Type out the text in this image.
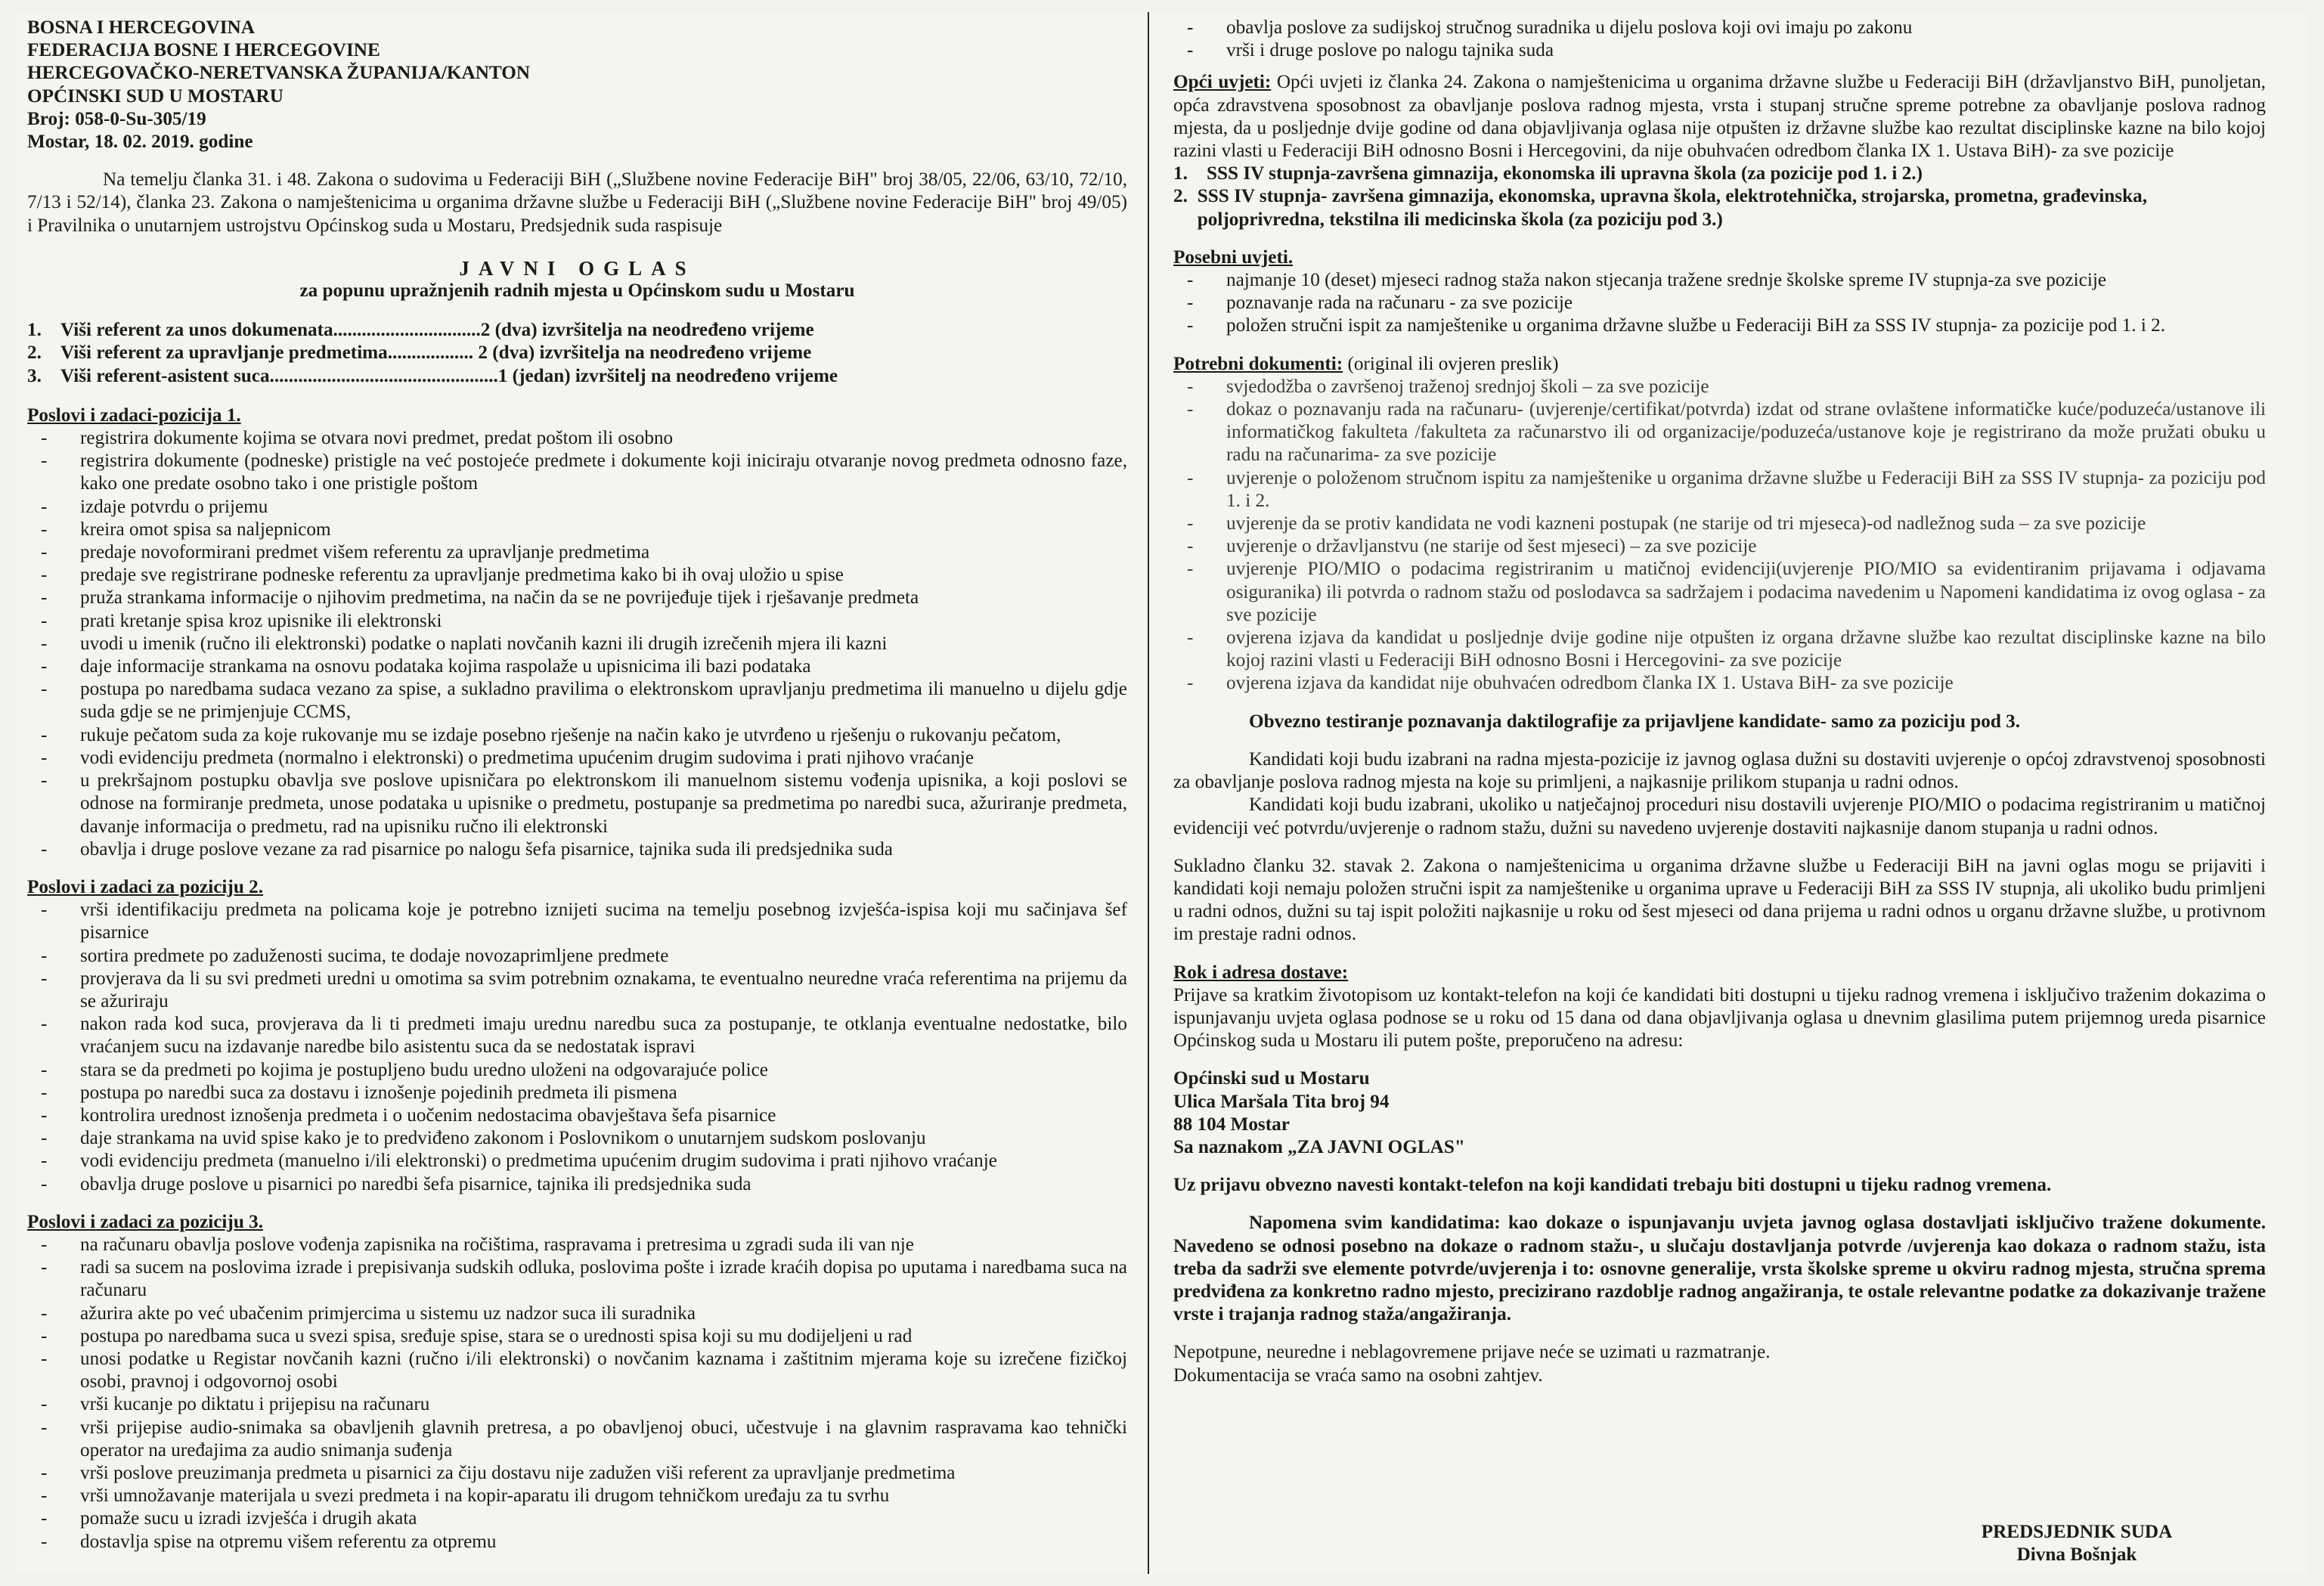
BOSNA I HERCEGOVINA

FEDERACIJA BOSNE I HERCEGOVINE

HERCEGOVAČKO-NERETVANSKA ŽUPANIJA/KANTON

OPĆINSKI SUD U MOSTARU

Broj: 058-0-Su-305/19

Mostar, 18. 02. 2019. godine

Na temelju članka 31. i 48. Zakona o sudovima u Federaciji BiH („Službene novine Federacije BiH" broj 38/05, 22/06, 63/10, 72/10, 7/13 i 52/14), članka 23. Zakona o namještenicima u organima državne službe u Federaciji BiH („Službene novine Federacije BiH" broj 49/05) i Pravilnika o unutarnjem ustrojstvu Općinskog suda u Mostaru, Predsjednik suda raspisuje

JAVNI OGLAS

za popunu upražnjenih radnih mjesta u Općinskom sudu u Mostaru

1. Viši referent za unos dokumenata...............................2 (dva) izvršitelja na neodređeno vrijeme
2. Viši referent za upravljanje predmetima.................. 2 (dva) izvršitelja na neodređeno vrijeme
3. Viši referent-asistent suca................................................1 (jedan) izvršitelj na neodređeno vrijeme

Poslovi i zadaci-pozicija 1.

- registrira dokumente kojima se otvara novi predmet, predat poštom ili osobno
- registrira dokumente (podneske) pristigle na već postojeće predmete i dokumente koji iniciraju otvaranje novog predmeta odnosno faze, kako one predate osobno tako i one pristigle poštom
- izdaje potvrdu o prijemu
- kreira omot spisa sa naljepnicom
- predaje novoformirani predmet višem referentu za upravljanje predmetima
- predaje sve registrirane podneske referentu za upravljanje predmetima kako bi ih ovaj uložio u spise
- pruža strankama informacije o njihovim predmetima, na način da se ne povrijeđuje tijek i rješavanje predmeta
- prati kretanje spisa kroz upisnike ili elektronski
- uvodi u imenik (ručno ili elektronski) podatke o naplati novčanih kazni ili drugih izrečenih mjera ili kazni
- daje informacije strankama na osnovu podataka kojima raspolaže u upisnicima ili bazi podataka
- postupa po naredbama sudaca vezano za spise, a sukladno pravilima o elektronskom upravljanju predmetima ili manuelno u dijelu gdje suda gdje se ne primjenjuje CCMS,
- rukuje pečatom suda za koje rukovanje mu se izdaje posebno rješenje na način kako je utvrđeno u rješenju o rukovanju pečatom,
- vodi evidenciju predmeta (normalno i elektronski) o predmetima upućenim drugim sudovima i prati njihovo vraćanje
- u prekršajnom postupku obavlja sve poslove upisničara po elektronskom ili manuelnom sistemu vođenja upisnika, a koji poslovi se odnose na formiranje predmeta, unose podataka u upisnike o predmetu, postupanje sa predmetima po naredbi suca, ažuriranje predmeta, davanje informacija o predmetu, rad na upisniku ručno ili elektronski
- obavlja i druge poslove vezane za rad pisarnice po nalogu šefa pisarnice, tajnika suda ili predsjednika suda

Poslovi i zadaci za poziciju 2.

- vrši identifikaciju predmeta na policama koje je potrebno iznijeti sucima na temelju posebnog izvješća-ispisa koji mu sačinjava šef pisarnice
- sortira predmete po zaduženosti sucima, te dodaje novozaprimljene predmete
- provjerava da li su svi predmeti uredni u omotima sa svim potrebnim oznakama, te eventualno neuredne vraća referentima na prijemu da se ažuriraju
- nakon rada kod suca, provjerava da li ti predmeti imaju urednu naredbu suca za postupanje, te otklanja eventualne nedostatke, bilo vraćanjem sucu na izdavanje naredbe bilo asistentu suca da se nedostatak ispravi
- stara se da predmeti po kojima je postupljeno budu uredno uloženi na odgovarajuće police
- postupa po naredbi suca za dostavu i iznošenje pojedinih predmeta ili pismena
- kontrolira urednost iznošenja predmeta i o uočenim nedostacima obavještava šefa pisarnice
- daje strankama na uvid spise kako je to predviđeno zakonom i Poslovnikom o unutarnjem sudskom poslovanju
- vodi evidenciju predmeta (manuelno i/ili elektronski) o predmetima upućenim drugim sudovima i prati njihovo vraćanje
- obavlja druge poslove u pisarnici po naredbi šefa pisarnice, tajnika ili predsjednika suda

Poslovi i zadaci za poziciju 3.

- na računaru obavlja poslove vođenja zapisnika na ročištima, raspravama i pretresima u zgradi suda ili van nje
- radi sa sucem na poslovima izrade i prepisivanja sudskih odluka, poslovima pošte i izrade kraćih dopisa po uputama i naredbama suca na računaru
- ažurira akte po već ubačenim primjercima u sistemu uz nadzor suca ili suradnika
- postupa po naredbama suca u svezi spisa, sređuje spise, stara se o urednosti spisa koji su mu dodijeljeni u rad
- unosi podatke u Registar novčanih kazni (ručno i/ili elektronski) o novčanim kaznama i zaštitnim mjerama koje su izrečene fizičkoj osobi, pravnoj i odgovornoj osobi
- vrši kucanje po diktatu i prijepisu na računaru
- vrši prijepise audio-snimaka sa obavljenih glavnih pretresa, a po obavljenoj obuci, učestvuje i na glavnim raspravama kao tehnički operator na uređajima za audio snimanja suđenja
- vrši poslove preuzimanja predmeta u pisarnici za čiju dostavu nije zadužen viši referent za upravljanje predmetima
- vrši umnožavanje materijala u svezi predmeta i na kopir-aparatu ili drugom tehničkom uređaju za tu svrhu
- pomaže sucu u izradi izvješća i drugih akata
- dostavlja spise na otpremu višem referentu za otpremu
- obavlja poslove za sudijskoj stručnog suradnika u dijelu poslova koji ovi imaju po zakonu
- vrši i druge poslove po nalogu tajnika suda

Opći uvjeti: Opći uvjeti iz članka 24. Zakona o namještenicima u organima državne službe u Federaciji BiH (državljanstvo BiH, punoljetan, opća zdravstvena sposobnost za obavljanje poslova radnog mjesta, vrsta i stupanj stručne spreme potrebne za obavljanje poslova radnog mjesta, da u posljednje dvije godine od dana objavljivanja oglasa nije otpušten iz državne službe kao rezultat disciplinske kazne na bilo kojoj razini vlasti u Federaciji BiH odnosno Bosni i Hercegovini, da nije obuhvaćen odredbom članka IX 1. Ustava BiH)- za sve pozicije

1. SSS IV stupnja-završena gimnazija, ekonomska ili upravna škola (za pozicije pod 1. i 2.)
2. SSS IV stupnja- završena gimnazija, ekonomska, upravna škola, elektrotehnička, strojarska, prometna, građevinska, poljoprivredna, tekstilna ili medicinska škola (za poziciju pod 3.)

Posebni uvjeti.

- najmanje 10 (deset) mjeseci radnog staža nakon stjecanja tražene srednje školske spreme IV stupnja-za sve pozicije
- poznavanje rada na računaru - za sve pozicije
- položen stručni ispit za namještenike u organima državne službe u Federaciji BiH za SSS IV stupnja- za pozicije pod 1. i 2.

Potrebni dokumenti: (original ili ovjeren preslik)

- svjedodžba o završenoj traženoj srednjoj školi – za sve pozicije
- dokaz o poznavanju rada na računaru- (uvjerenje/certifikat/potvrda) izdat od strane ovlaštene informatičke kuće/poduzeća/ustanove ili informatičkog fakulteta /fakulteta za računarstvo ili od organizacije/poduzeća/ustanove koje je registrirano da može pružati obuku u radu na računarima- za sve pozicije
- uvjerenje o položenom stručnom ispitu za namještenike u organima državne službe u Federaciji BiH za SSS IV stupnja- za poziciju pod 1. i 2.
- uvjerenje da se protiv kandidata ne vodi kazneni postupak (ne starije od tri mjeseca)-od nadležnog suda – za sve pozicije
- uvjerenje o državljanstvu (ne starije od šest mjeseci) – za sve pozicije
- uvjerenje PIO/MIO o podacima registriranim u matičnoj evidenciji(uvjerenje PIO/MIO sa evidentiranim prijavama i odjavama osiguranika) ili potvrda o radnom stažu od poslodavca sa sadržajem i podacima navedenim u Napomeni kandidatima iz ovog oglasa - za sve pozicije
- ovjerena izjava da kandidat u posljednje dvije godine nije otpušten iz organa državne službe kao rezultat disciplinske kazne na bilo kojoj razini vlasti u Federaciji BiH odnosno Bosni i Hercegovini- za sve pozicije
- ovjerena izjava da kandidat nije obuhvaćen odredbom članka IX 1. Ustava BiH- za sve pozicije

Obvezno testiranje poznavanja daktilografije za prijavljene kandidate- samo za poziciju pod 3.

Kandidati koji budu izabrani na radna mjesta-pozicije iz javnog oglasa dužni su dostaviti uvjerenje o općoj zdravstvenoj sposobnosti za obavljanje poslova radnog mjesta na koje su primljeni, a najkasnije prilikom stupanja u radni odnos.

Kandidati koji budu izabrani, ukoliko u natječajnoj proceduri nisu dostavili uvjerenje PIO/MIO o podacima registriranim u matičnoj evidenciji već potvrdu/uvjerenje o radnom stažu, dužni su navedeno uvjerenje dostaviti najkasnije danom stupanja u radni odnos.

Sukladno članku 32. stavak 2. Zakona o namještenicima u organima državne službe u Federaciji BiH na javni oglas mogu se prijaviti i kandidati koji nemaju položen stručni ispit za namještenike u organima uprave u Federaciji BiH za SSS IV stupnja, ali ukoliko budu primljeni u radni odnos, dužni su taj ispit položiti najkasnije u roku od šest mjeseci od dana prijema u radni odnos u organu državne službe, u protivnom im prestaje radni odnos.

Rok i adresa dostave:

Prijave sa kratkim životopisom uz kontakt-telefon na koji će kandidati biti dostupni u tijeku radnog vremena i isključivo traženim dokazima o ispunjavanju uvjeta oglasa podnose se u roku od 15 dana od dana objavljivanja oglasa u dnevnim glasilima putem prijemnog ureda pisarnice Općinskog suda u Mostaru ili putem pošte, preporučeno na adresu:

Općinski sud u Mostaru

Ulica Maršala Tita broj 94

88 104 Mostar

Sa naznakom „ZA JAVNI OGLAS"

Uz prijavu obvezno navesti kontakt-telefon na koji kandidati trebaju biti dostupni u tijeku radnog vremena.

Napomena svim kandidatima: kao dokaze o ispunjavanju uvjeta javnog oglasa dostavljati isključivo tražene dokumente. Navedeno se odnosi posebno na dokaze o radnom stažu-, u slučaju dostavljanja potvrde /uvjerenja kao dokaza o radnom stažu, ista treba da sadrži sve elemente potvrde/uvjerenja i to: osnovne generalije, vrsta školske spreme u okviru radnog mjesta, stručna sprema predviđena za konkretno radno mjesto, precizirano razdoblje radnog angažiranja, te ostale relevantne podatke za dokazivanje tražene vrste i trajanja radnog staža/angažiranja.

Nepotpune, neuredne i neblagovremene prijave neće se uzimati u razmatranje.

Dokumentacija se vraća samo na osobni zahtjev.

PREDSJEDNIK SUDA

Divna Bošnjak
